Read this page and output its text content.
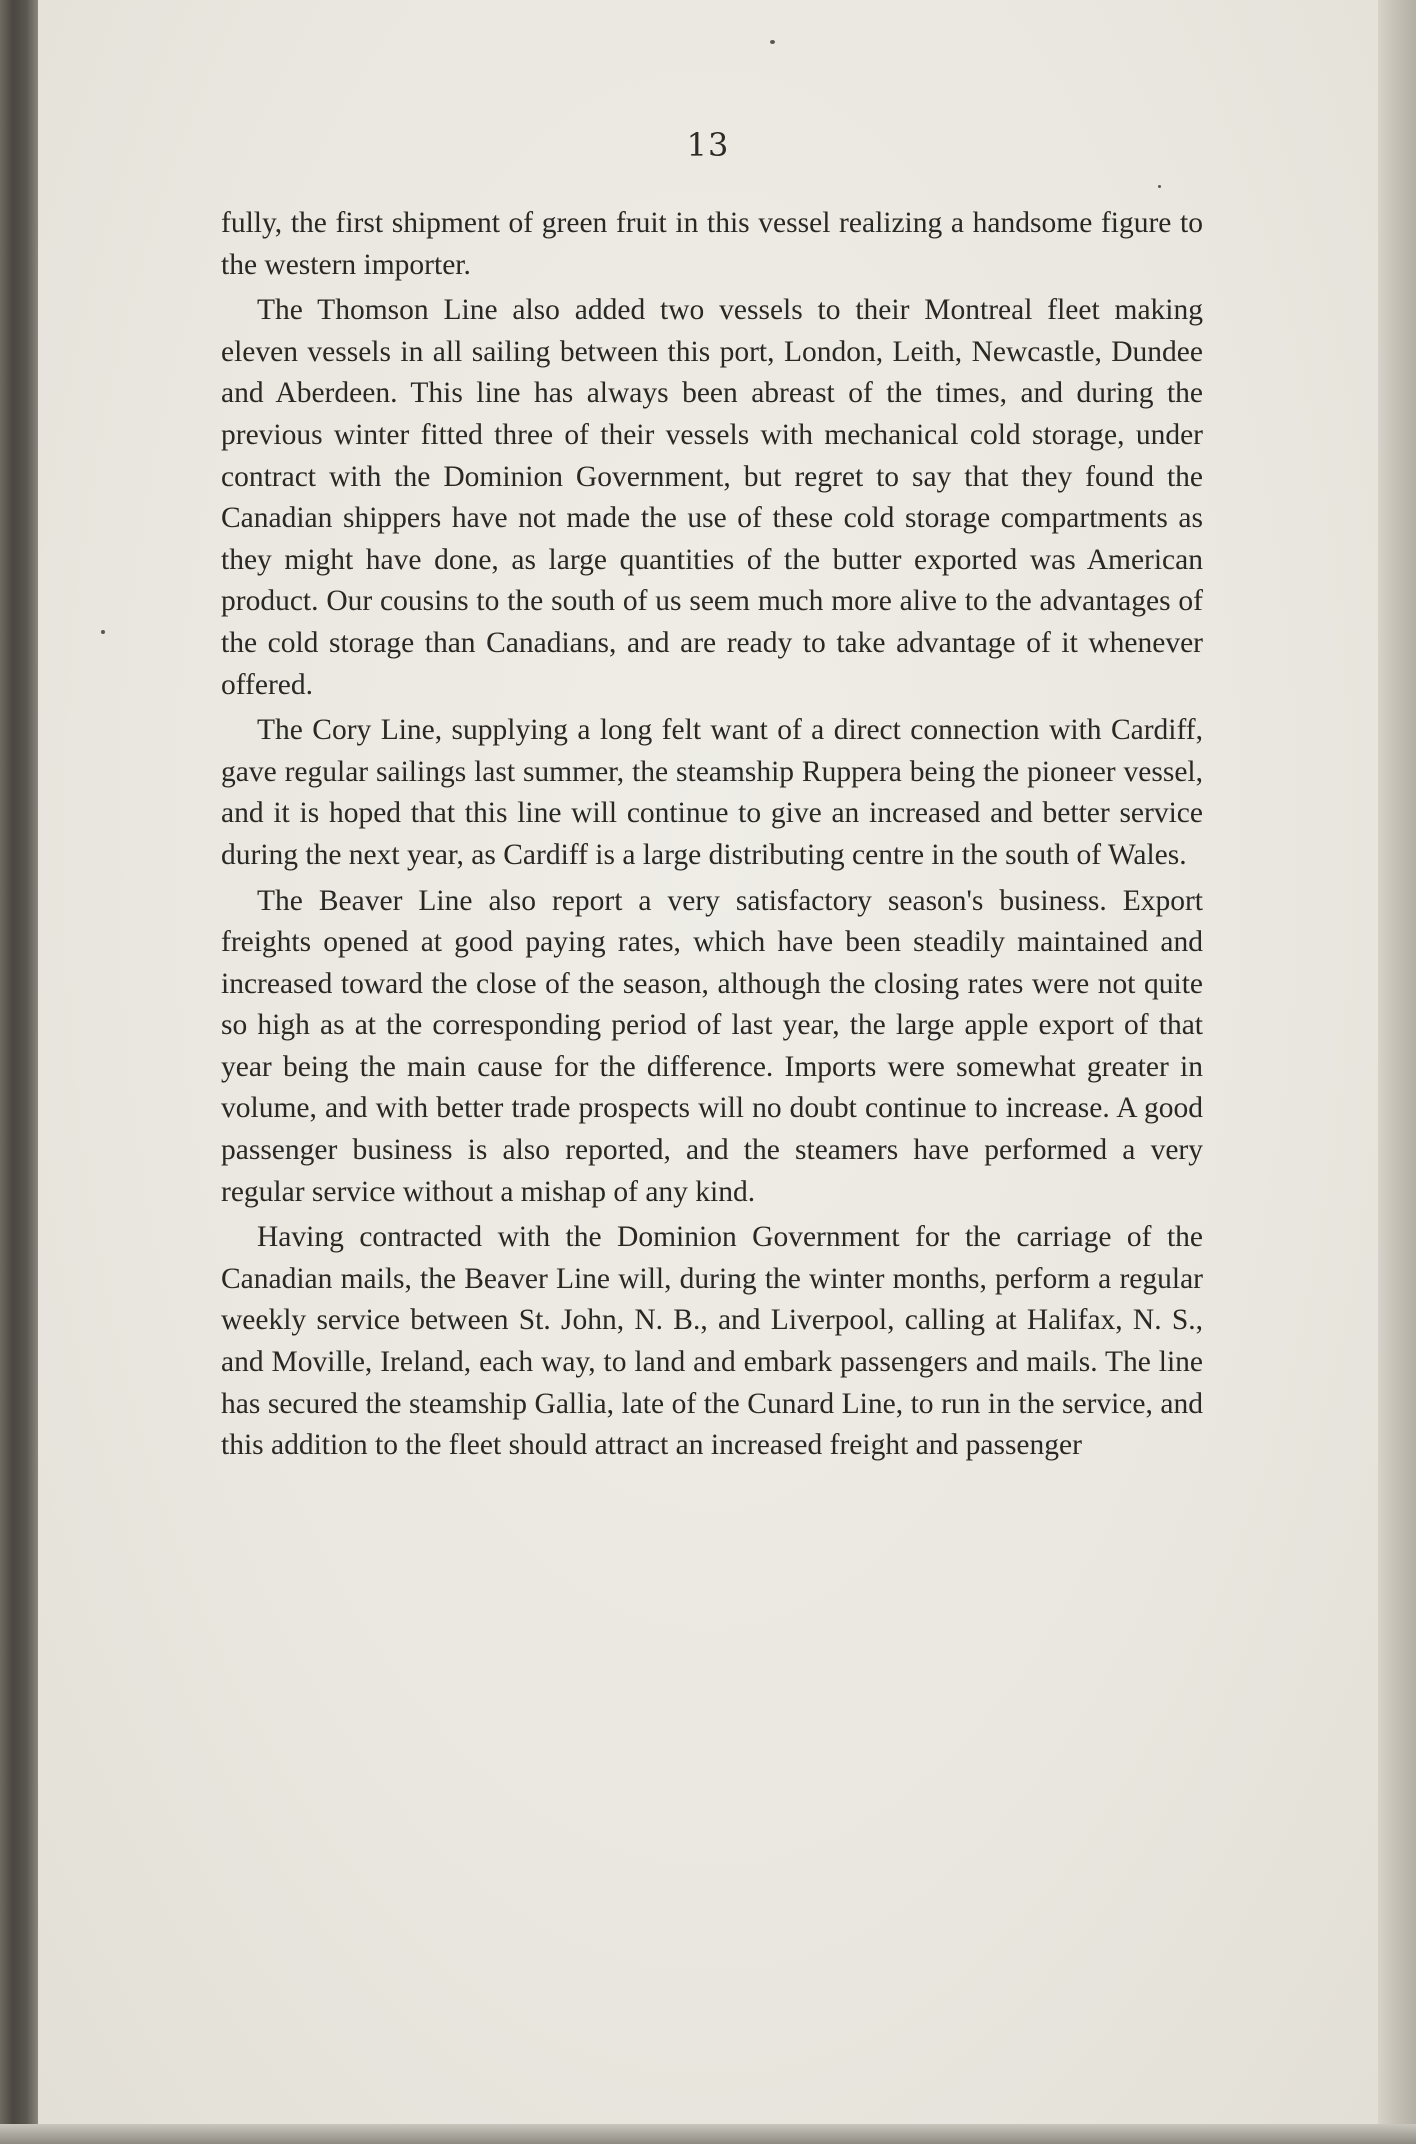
13

fully, the first shipment of green fruit in this vessel realizing a handsome figure to the western importer.

The Thomson Line also added two vessels to their Montreal fleet making eleven vessels in all sailing between this port, London, Leith, Newcastle, Dundee and Aberdeen. This line has always been abreast of the times, and during the previous winter fitted three of their vessels with mechanical cold storage, under contract with the Dominion Government, but regret to say that they found the Canadian shippers have not made the use of these cold storage compartments as they might have done, as large quantities of the butter exported was American product. Our cousins to the south of us seem much more alive to the advantages of the cold storage than Canadians, and are ready to take advantage of it whenever offered.

The Cory Line, supplying a long felt want of a direct connection with Cardiff, gave regular sailings last summer, the steamship Ruppera being the pioneer vessel, and it is hoped that this line will continue to give an increased and better service during the next year, as Cardiff is a large distributing centre in the south of Wales.

The Beaver Line also report a very satisfactory season's business. Export freights opened at good paying rates, which have been steadily maintained and increased toward the close of the season, although the closing rates were not quite so high as at the corresponding period of last year, the large apple export of that year being the main cause for the difference. Imports were somewhat greater in volume, and with better trade prospects will no doubt continue to increase. A good passenger business is also reported, and the steamers have performed a very regular service without a mishap of any kind.

Having contracted with the Dominion Government for the carriage of the Canadian mails, the Beaver Line will, during the winter months, perform a regular weekly service between St. John, N. B., and Liverpool, calling at Halifax, N. S., and Moville, Ireland, each way, to land and embark passengers and mails. The line has secured the steamship Gallia, late of the Cunard Line, to run in the service, and this addition to the fleet should attract an increased freight and passenger
